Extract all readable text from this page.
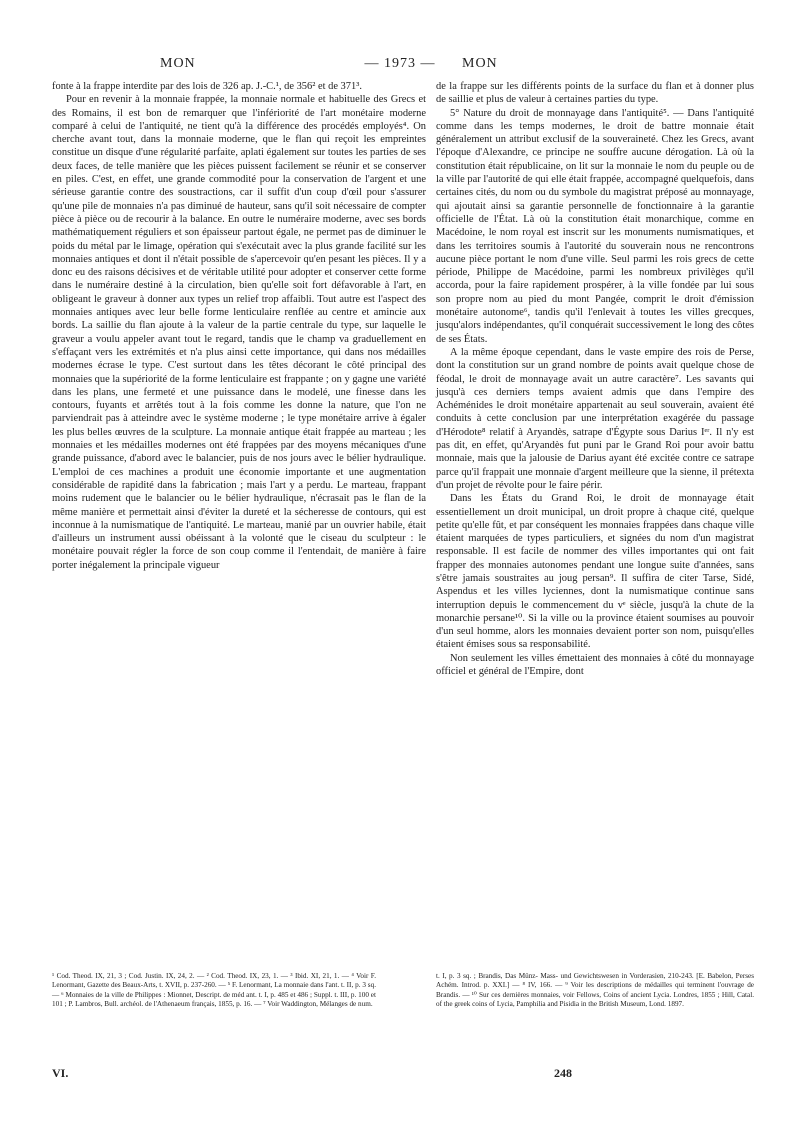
MON	— 1973 —	MON

fonte à la frappe interdite par des lois de 326 ap. J.-C.¹, de 356² et de 371³.

Pour en revenir à la monnaie frappée, la monnaie normale et habituelle des Grecs et des Romains, il est bon de remarquer que l'infériorité de l'art monétaire moderne comparé à celui de l'antiquité, ne tient qu'à la différence des procédés employés⁴. On cherche avant tout, dans la monnaie moderne, que le flan qui reçoit les empreintes constitue un disque d'une régularité parfaite, aplati également sur toutes les parties de ses deux faces, de telle manière que les pièces puissent facilement se réunir et se conserver en piles. C'est, en effet, une grande commodité pour la conservation de l'argent et une sérieuse garantie contre des soustractions, car il suffit d'un coup d'œil pour s'assurer qu'une pile de monnaies n'a pas diminué de hauteur, sans qu'il soit nécessaire de compter pièce à pièce ou de recourir à la balance. En outre le numéraire moderne, avec ses bords mathématiquement réguliers et son épaisseur partout égale, ne permet pas de diminuer le poids du métal par le limage, opération qui s'exécutait avec la plus grande facilité sur les monnaies antiques et dont il n'était possible de s'apercevoir qu'en pesant les pièces. Il y a donc eu des raisons décisives et de véritable utilité pour adopter et conserver cette forme dans le numéraire destiné à la circulation, bien qu'elle soit fort défavorable à l'art, en obligeant le graveur à donner aux types un relief trop affaibli. Tout autre est l'aspect des monnaies antiques avec leur belle forme lenticulaire renflée au centre et amincie aux bords. La saillie du flan ajoute à la valeur de la partie centrale du type, sur laquelle le graveur a voulu appeler avant tout le regard, tandis que le champ va graduellement en s'effaçant vers les extrémités et n'a plus ainsi cette importance, qui dans nos médailles modernes écrase le type. C'est surtout dans les têtes décorant le côté principal des monnaies que la supériorité de la forme lenticulaire est frappante ; on y gagne une variété dans les plans, une fermeté et une puissance dans le modelé, une finesse dans les contours, fuyants et arrêtés tout à la fois comme les donne la nature, que l'on ne parviendrait pas à atteindre avec le système moderne ; le type monétaire arrive à égaler les plus belles œuvres de la sculpture. La monnaie antique était frappée au marteau ; les monnaies et les médailles modernes ont été frappées par des moyens mécaniques d'une grande puissance, d'abord avec le balancier, puis de nos jours avec le bélier hydraulique. L'emploi de ces machines a produit une économie importante et une augmentation considérable de rapidité dans la fabrication ; mais l'art y a perdu. Le marteau, frappant moins rudement que le balancier ou le bélier hydraulique, n'écrasait pas le flan de la même manière et permettait ainsi d'éviter la dureté et la sécheresse de contours, qui est inconnue à la numismatique de l'antiquité. Le marteau, manié par un ouvrier habile, était d'ailleurs un instrument aussi obéissant à la volonté que le ciseau du sculpteur : le monétaire pouvait régler la force de son coup comme il l'entendait, de manière à faire porter inégalement la principale vigueur

de la frappe sur les différents points de la surface du flan et à donner plus de saillie et plus de valeur à certaines parties du type.

5° Nature du droit de monnayage dans l'antiquité⁵. — Dans l'antiquité comme dans les temps modernes, le droit de battre monnaie était généralement un attribut exclusif de la souveraineté. Chez les Grecs, avant l'époque d'Alexandre, ce principe ne souffre aucune dérogation. Là où la constitution était républicaine, on lit sur la monnaie le nom du peuple ou de la ville par l'autorité de qui elle était frappée, accompagné quelquefois, dans certaines cités, du nom ou du symbole du magistrat préposé au monnayage, qui ajoutait ainsi sa garantie personnelle de fonctionnaire à la garantie officielle de l'État. Là où la constitution était monarchique, comme en Macédoine, le nom royal est inscrit sur les monuments numismatiques, et dans les territoires soumis à l'autorité du souverain nous ne rencontrons aucune pièce portant le nom d'une ville. Seul parmi les rois grecs de cette période, Philippe de Macédoine, parmi les nombreux privilèges qu'il accorda, pour la faire rapidement prospérer, à la ville fondée par lui sous son propre nom au pied du mont Pangée, comprit le droit d'émission monétaire autonome⁶, tandis qu'il l'enlevait à toutes les villes grecques, jusqu'alors indépendantes, qu'il conquérait successivement le long des côtes de ses États.

A la même époque cependant, dans le vaste empire des rois de Perse, dont la constitution sur un grand nombre de points avait quelque chose de féodal, le droit de monnayage avait un autre caractère⁷. Les savants qui jusqu'à ces derniers temps avaient admis que dans l'empire des Achéménides le droit monétaire appartenait au seul souverain, avaient été conduits à cette conclusion par une interprétation exagérée du passage d'Hérodote⁸ relatif à Aryandès, satrape d'Égypte sous Darius Iᵉʳ. Il n'y est pas dit, en effet, qu'Aryandès fut puni par le Grand Roi pour avoir battu monnaie, mais que la jalousie de Darius ayant été excitée contre ce satrape parce qu'il frappait une monnaie d'argent meilleure que la sienne, il prétexta d'un projet de révolte pour le faire périr.

Dans les États du Grand Roi, le droit de monnayage était essentiellement un droit municipal, un droit propre à chaque cité, quelque petite qu'elle fût, et par conséquent les monnaies frappées dans chaque ville étaient marquées de types particuliers, et signées du nom d'un magistrat responsable. Il est facile de nommer des villes importantes qui ont fait frapper des monnaies autonomes pendant une longue suite d'années, sans s'être jamais soustraites au joug persan⁹. Il suffira de citer Tarse, Sidé, Aspendus et les villes lyciennes, dont la numismatique continue sans interruption depuis le commencement du vᵉ siècle, jusqu'à la chute de la monarchie persane¹⁰. Si la ville ou la province étaient soumises au pouvoir d'un seul homme, alors les monnaies devaient porter son nom, puisqu'elles étaient émises sous sa responsabilité.

Non seulement les villes émettaient des monnaies à côté du monnayage officiel et général de l'Empire, dont

¹ Cod. Theod. IX, 21, 3 ; Cod. Justin. IX, 24, 2. — ² Cod. Theod. IX, 23, 1. — ³ Ibid. XI, 21, 1. — ⁴ Voir F. Lenormant, Gazette des Beaux-Arts, t. XVII, p. 237-260. — ⁵ F. Lenormant, La monnaie dans l'ant. t. II, p. 3 sq. — ⁶ Monnaies de la ville de Philippes : Mionnet, Descript. de méd ant. t. I, p. 485 et 486 ; Suppl. t. III, p. 100 et 101 ; P. Lambros, Bull. archéol. de l'Athenaeum français, 1855, p. 16. — ⁷ Voir Waddington, Mélanges de num.
t. I, p. 3 sq. ; Brandis, Das Münz- Mass- und Gewichtswesen in Vorderasien, 210-243. [E. Babelon, Perses Achém. Introd. p. XXI.] — ⁸ IV, 166. — ⁹ Voir les descriptions de médailles qui terminent l'ouvrage de Brandis. — ¹⁰ Sur ces dernières monnaies, voir Fellows, Coins of ancient Lycia. Londres, 1855 ; Hill, Catal. of the greek coins of Lycia, Pamphilia and Pisidia in the British Museum, Lond. 1897.
VI.	248
